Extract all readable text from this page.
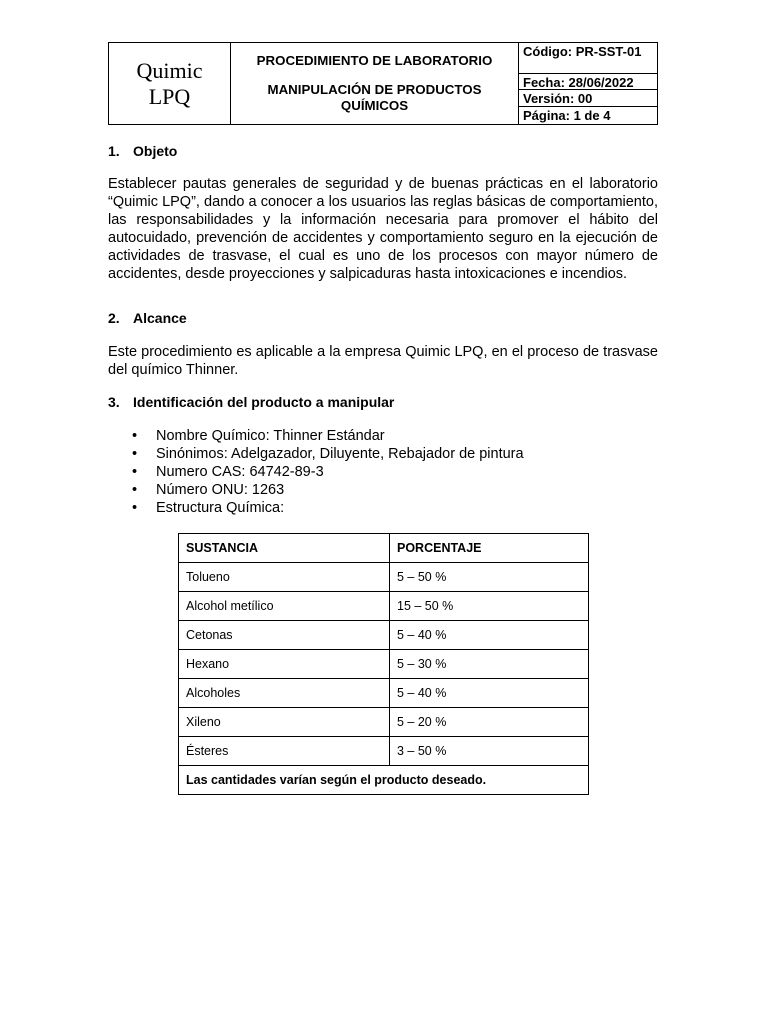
Quimic
LPQ
PROCEDIMIENTO DE LABORATORIO
MANIPULACIÓN DE PRODUCTOS QUÍMICOS
Código: PR-SST-01
Fecha: 28/06/2022
Versión: 00
Página: 1 de 4
1. Objeto

Establecer pautas generales de seguridad y de buenas prácticas en el laboratorio “Quimic LPQ”, dando a conocer a los usuarios las reglas básicas de comportamiento, las responsabilidades y la información necesaria para promover el hábito del autocuidado, prevención de accidentes y comportamiento seguro en la ejecución de actividades de trasvase, el cual es uno de los procesos con mayor número de accidentes, desde proyecciones y salpicaduras hasta intoxicaciones e incendios.

2. Alcance

Este procedimiento es aplicable a la empresa Quimic LPQ, en el proceso de trasvase del químico Thinner.

3. Identificación del producto a manipular
• Nombre Químico: Thinner Estándar
• Sinónimos: Adelgazador, Diluyente, Rebajador de pintura
• Numero CAS: 64742-89-3
• Número ONU: 1263
• Estructura Química:
SUSTANCIA	PORCENTAJE
Tolueno	5 – 50 %
Alcohol metílico	15 – 50 %
Cetonas	5 – 40 %
Hexano	5 – 30 %
Alcoholes	5 – 40 %
Xileno	5 – 20 %
Ésteres	3 – 50 %
Las cantidades varían según el producto deseado.	
